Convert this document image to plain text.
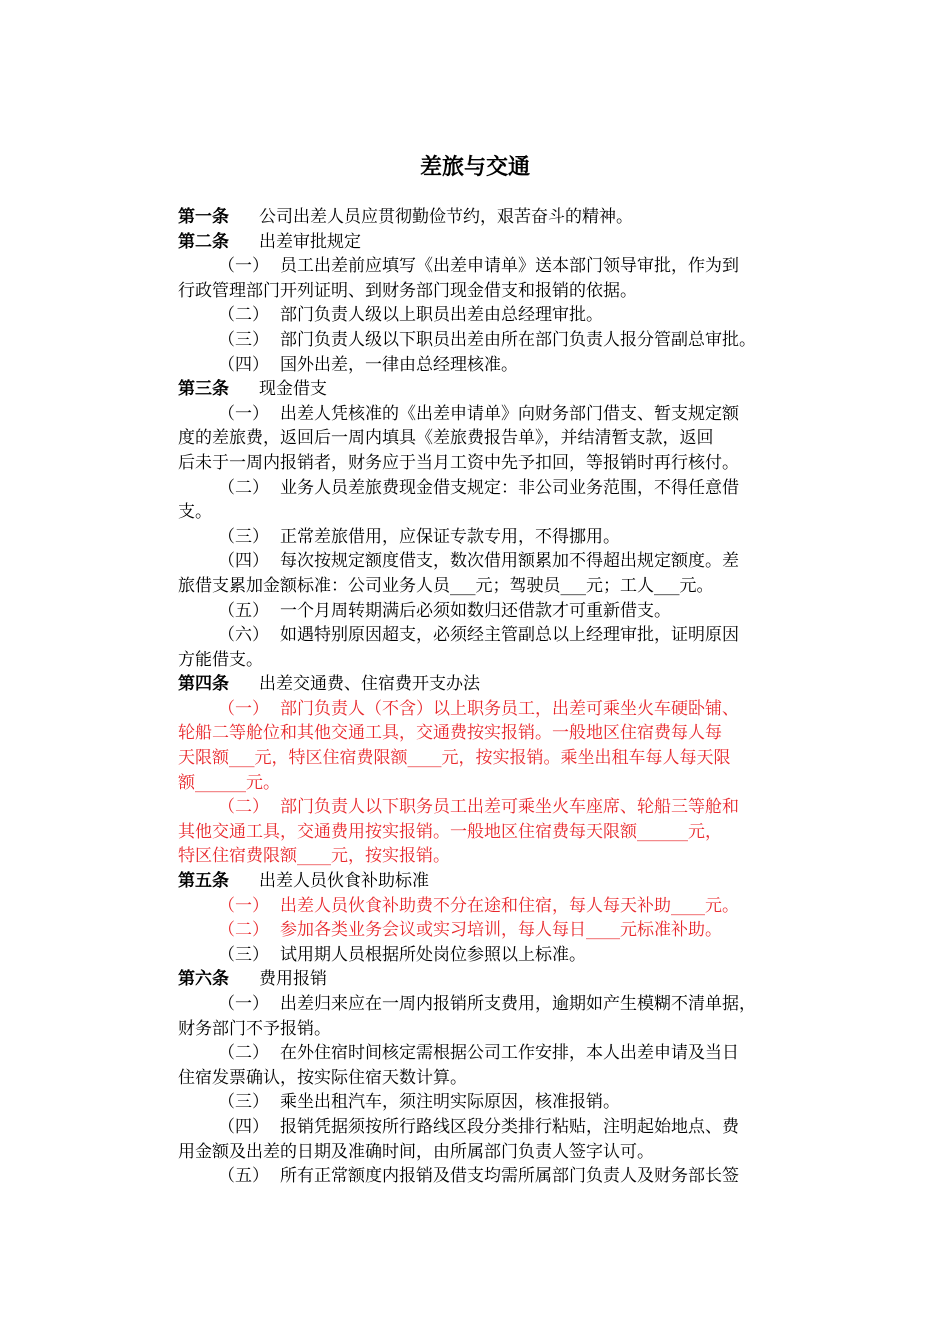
差旅与交通
第一条 公司出差人员应贯彻勤俭节约，艰苦奋斗的精神。
第二条 出差审批规定
（一） 员工出差前应填写《出差申请单》送本部门领导审批，作为到
行政管理部门开列证明、到财务部门现金借支和报销的依据。
（二） 部门负责人级以上职员出差由总经理审批。
（三） 部门负责人级以下职员出差由所在部门负责人报分管副总审批。
（四） 国外出差，一律由总经理核准。
第三条 现金借支
（一） 出差人凭核准的《出差申请单》向财务部门借支、暂支规定额
度的差旅费，返回后一周内填具《差旅费报告单》，并结清暂支款，返回
后未于一周内报销者，财务应于当月工资中先予扣回，等报销时再行核付。
（二） 业务人员差旅费现金借支规定：非公司业务范围，不得任意借
支。
（三） 正常差旅借用，应保证专款专用，不得挪用。
（四） 每次按规定额度借支，数次借用额累加不得超出规定额度。差
旅借支累加金额标准：公司业务人员___元；驾驶员___元；工人___元。
（五） 一个月周转期满后必须如数归还借款才可重新借支。
（六） 如遇特别原因超支，必须经主管副总以上经理审批，证明原因
方能借支。
第四条 出差交通费、住宿费开支办法
（一） 部门负责人（不含）以上职务员工，出差可乘坐火车硬卧铺、
轮船二等舱位和其他交通工具，交通费按实报销。一般地区住宿费每人每
天限额___元，特区住宿费限额____元，按实报销。乘坐出租车每人每天限
额______元。
（二） 部门负责人以下职务员工出差可乘坐火车座席、轮船三等舱和
其他交通工具，交通费用按实报销。一般地区住宿费每天限额______元，
特区住宿费限额____元，按实报销。
第五条 出差人员伙食补助标准
（一） 出差人员伙食补助费不分在途和住宿，每人每天补助____元。
（二） 参加各类业务会议或实习培训，每人每日____元标准补助。
（三） 试用期人员根据所处岗位参照以上标准。
第六条 费用报销
（一） 出差归来应在一周内报销所支费用，逾期如产生模糊不清单据，
财务部门不予报销。
（二） 在外住宿时间核定需根据公司工作安排，本人出差申请及当日
住宿发票确认，按实际住宿天数计算。
（三） 乘坐出租汽车，须注明实际原因，核准报销。
（四） 报销凭据须按所行路线区段分类排行粘贴，注明起始地点、费
用金额及出差的日期及准确时间，由所属部门负责人签字认可。
（五） 所有正常额度内报销及借支均需所属部门负责人及财务部长签
